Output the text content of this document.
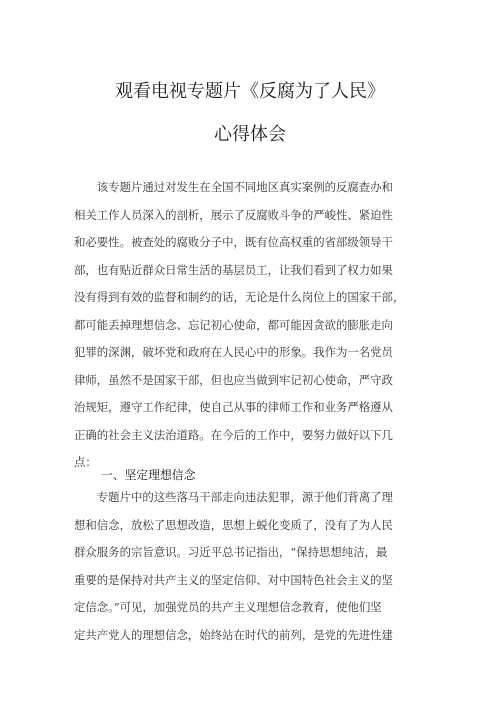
观看电视专题片《反腐为了人民》
心得体会
　　该专题片通过对发生在全国不同地区真实案例的反腐查办和
相关工作人员深入的剖析，展示了反腐败斗争的严峻性、紧迫性
和必要性。被查处的腐败分子中，既有位高权重的省部级领导干
部，也有贴近群众日常生活的基层员工，让我们看到了权力如果
没有得到有效的监督和制约的话，无论是什么岗位上的国家干部，
都可能丢掉理想信念、忘记初心使命，都可能因贪欲的膨胀走向
犯罪的深渊，破坏党和政府在人民心中的形象。我作为一名党员
律师，虽然不是国家干部，但也应当做到牢记初心使命，严守政
治规矩，遵守工作纪律，使自己从事的律师工作和业务严格遵从
正确的社会主义法治道路。在今后的工作中，要努力做好以下几
点：
一、坚定理想信念
　　专题片中的这些落马干部走向违法犯罪，源于他们背离了理
想和信念，放松了思想改造，思想上蜕化变质了，没有了为人民
群众服务的宗旨意识。习近平总书记指出，“保持思想纯洁，最
重要的是保持对共产主义的坚定信仰、对中国特色社会主义的坚
定信念。”可见，加强党员的共产主义理想信念教育，使他们坚
定共产党人的理想信念，始终站在时代的前列，是党的先进性建
